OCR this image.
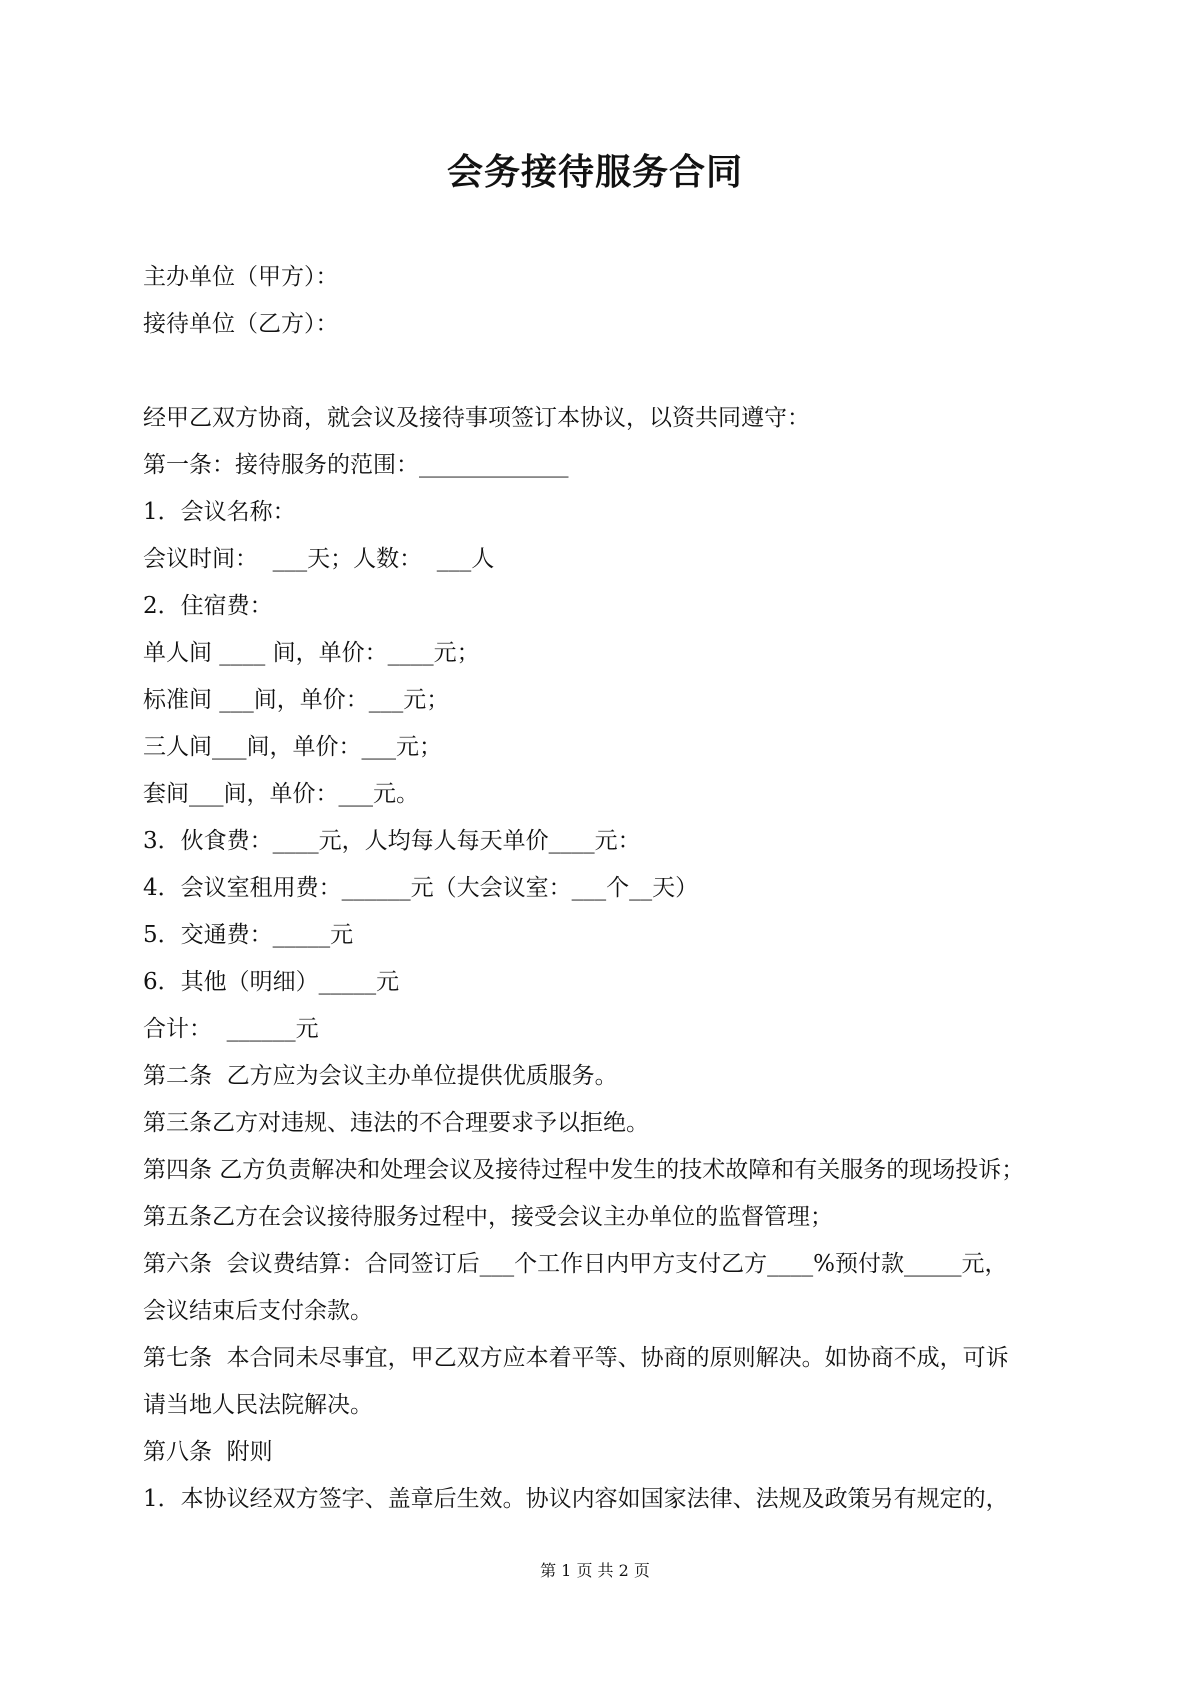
会务接待服务合同

主办单位（甲方）：

接待单位（乙方）：

经甲乙双方协商，就会议及接待事项签订本协议，以资共同遵守：

第一条：接待服务的范围：_____________

1．会议名称：

会议时间：  ___天；人数：  ___人

2．住宿费：

单人间 ____ 间，单价：____元；

标准间 ___间，单价：___元；

三人间___间，单价：___元；

套间___间，单价：___元。

3．伙食费：____元，人均每人每天单价____元：

4．会议室租用费：______元（大会议室：___个__天）

5．交通费：_____元

6．其他（明细）_____元

合计：  ______元

第二条  乙方应为会议主办单位提供优质服务。

第三条乙方对违规、违法的不合理要求予以拒绝。

第四条 乙方负责解决和处理会议及接待过程中发生的技术故障和有关服务的现场投诉；

第五条乙方在会议接待服务过程中，接受会议主办单位的监督管理；

第六条  会议费结算：合同签订后___个工作日内甲方支付乙方____%预付款_____元，

会议结束后支付余款。

第七条  本合同未尽事宜，甲乙双方应本着平等、协商的原则解决。如协商不成，可诉

请当地人民法院解决。

第八条  附则

1．本协议经双方签字、盖章后生效。协议内容如国家法律、法规及政策另有规定的，

第 1 页 共 2 页
